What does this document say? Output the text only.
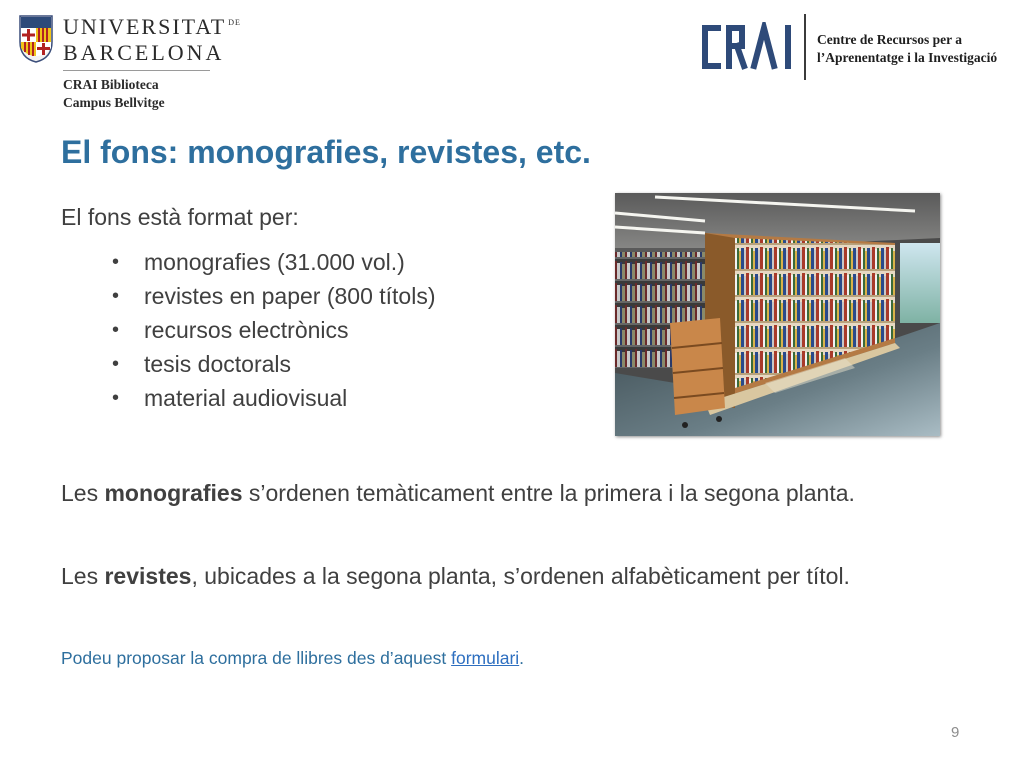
UNIVERSITAT $^{DE}$
BARCELONA
CRAI Biblioteca
Campus Bellvitge
Centre de Recursos per a
l’Aprenentatge i la Investigació
El fons: monografies, revistes, etc.
El fons està format per:
• monografies (31.000 vol.)
• revistes en paper (800 títols)
• recursos electrònics
• tesis doctorals
• material audiovisual

Les monografies s’ordenen temàticament entre la primera i la segona planta.

Les revistes, ubicades a la segona planta, s’ordenen alfabèticament per títol.

Podeu proposar la compra de llibres des d’aquest formulari.

9
